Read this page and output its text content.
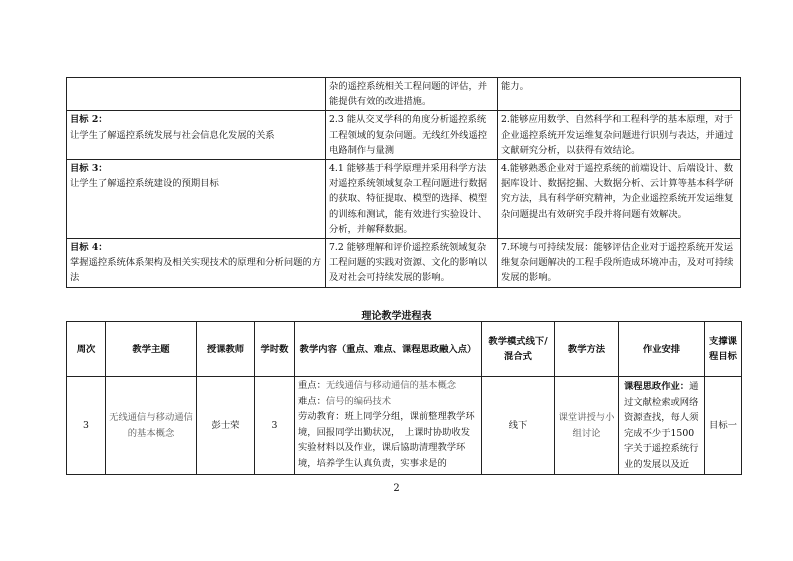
	杂的遥控系统相关工程问题的评估，并能提供有效的改进措施。	能力。

目标 2：
让学生了解遥控系统发展与社会信息化发展的关系	2.3 能从交叉学科的角度分析遥控系统工程领域的复杂问题。无线红外线遥控电路制作与量测	2.能够应用数学、自然科学和工程科学的基本原理，对于企业遥控系统开发运维复杂问题进行识别与表达，并通过文献研究分析，以获得有效结论。

目标 3：
让学生了解遥控系统建设的预期目标	4.1 能够基于科学原理并采用科学方法对遥控系统领域复杂工程问题进行数据的获取、特征提取、模型的选择、模型的训练和测试，能有效进行实验设计、分析，并解释数据。	4.能够熟悉企业对于遥控系统的前端设计、后端设计、数据库设计、数据挖掘、大数据分析、云计算等基本科学研究方法，具有科学研究精神，为企业遥控系统开发运维复杂问题提出有效研究手段并将问题有效解决。

目标 4：
掌握遥控系统体系架构及相关实现技术的原理和分析问题的方法	7.2 能够理解和评价遥控系统领域复杂工程问题的实践对资源、文化的影响以及对社会可持续发展的影响。	7.环境与可持续发展：能够评估企业对于遥控系统开发运维复杂问题解决的工程手段所造成环境冲击，及对可持续发展的影响。
理论教学进程表
周次	教学主题	授课教师	学时数	教学内容（重点、难点、课程思政融入点）	教学模式线下/混合式	教学方法	作业安排	支撑课程目标
3	无线通信与移动通信的基本概念	彭士荣	3	重点：无线通信与移动通信的基本概念
难点：信号的编码技术
劳动教育：班上同学分组，课前整理教学环境，回报同学出勤状况，　上课时协助收发实验材料以及作业，课后協助清理教学环境，培养学生认真负责，实事求是的	线下	课堂讲授与小组讨论	课程思政作业：通过文献检索或网络资源查找，每人须完成不少于1500字关于遥控系统行业的发展以及近	目标一
2
